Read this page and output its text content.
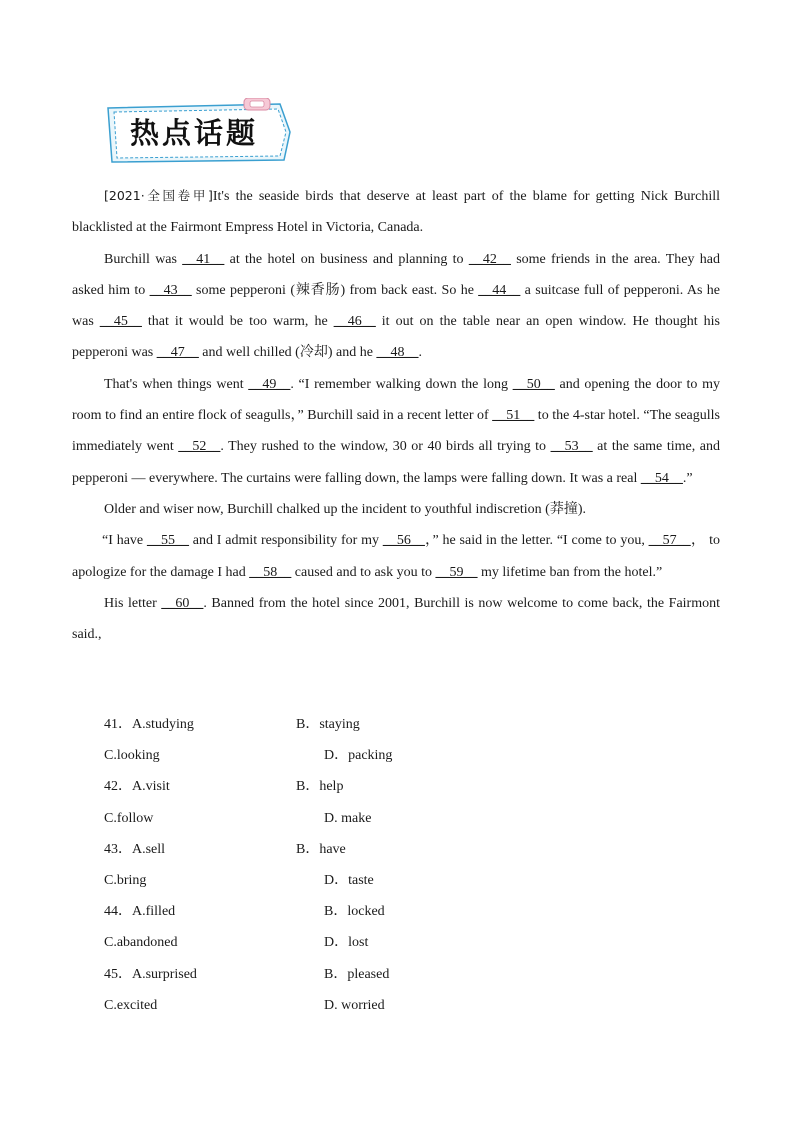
热点话题
[2021·全国卷甲]It's the seaside birds that deserve at least part of the blame for getting Nick Burchill blacklisted at the Fairmont Empress Hotel in Victoria, Canada.
Burchill was __41__ at the hotel on business and planning to __42__ some friends in the area. They had asked him to __43__ some pepperoni (辣香肠) from back east. So he __44__ a suitcase full of pepperoni. As he was __45__ that it would be too warm, he __46__ it out on the table near an open window. He thought his pepperoni was __47__ and well chilled (冷却) and he __48__.
That's when things went __49__. “I remember walking down the long __50__ and opening the door to my room to find an entire flock of seagulls，” Burchill said in a recent letter of __51__ to the 4-star hotel. “The seagulls immediately went __52__. They rushed to the window, 30 or 40 birds all trying to __53__ at the same time, and pepperoni — everywhere. The curtains were falling down, the lamps were falling down. It was a real __54__.”
Older and wiser now, Burchill chalked up the incident to youthful indiscretion (莽撞).
“I have __55__ and I admit responsibility for my __56__，” he said in the letter. “I come to you, __57__， to apologize for the damage I had __58__ caused and to ask you to __59__ my lifetime ban from the hotel.”
His letter __60__. Banned from the hotel since 2001, Burchill is now welcome to come back, the Fairmont said.,
41．A.studying	B．staying
C.looking	D．packing
42．A.visit	B．help
C.follow	D. make
43．A.sell	B．have
C.bring	D．taste
44．A.filled	B．locked
C.abandoned	D．lost
45．A.surprised	B．pleased
C.excited	D. worried
